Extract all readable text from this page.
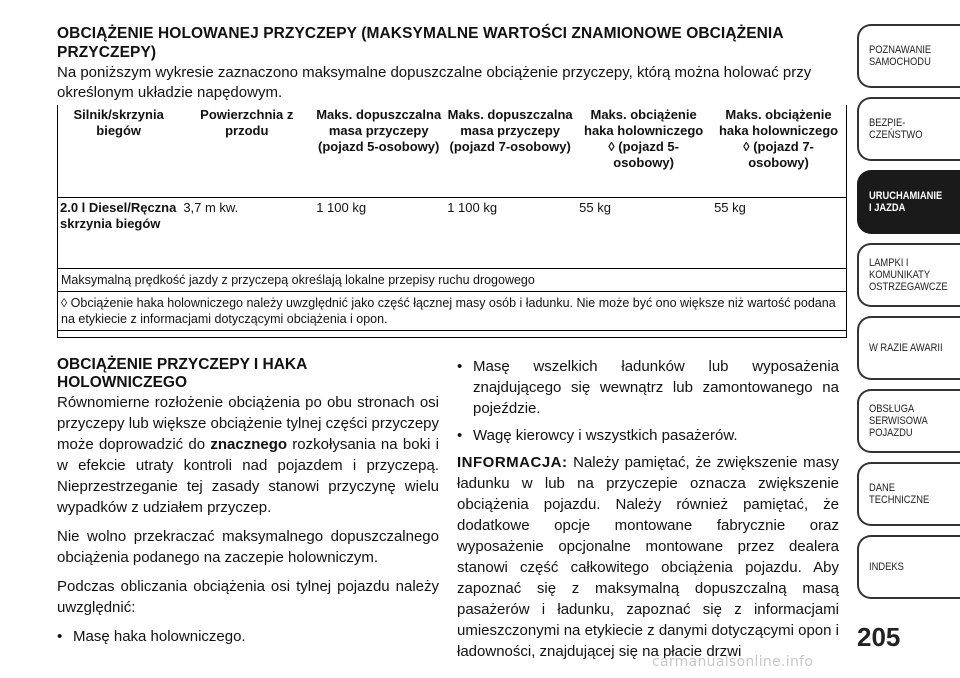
OBCIĄŻENIE HOLOWANEJ PRZYCZEPY (MAKSYMALNE WARTOŚCI ZNAMIONOWE OBCIĄŻENIA PRZYCZEPY)
Na poniższym wykresie zaznaczono maksymalne dopuszczalne obciążenie przyczepy, którą można holować przy określonym układzie napędowym.
Silnik/skrzynia biegów	Powierzchnia z przodu	Maks. dopuszczalna masa przyczepy (pojazd 5-osobowy)	Maks. dopuszczalna masa przyczepy (pojazd 7-osobowy)	Maks. obciążenie haka holowniczego ◊ (pojazd 5-osobowy)	Maks. obciążenie haka holowniczego ◊ (pojazd 7-osobowy)
2.0 l Diesel/Ręczna skrzynia biegów	3,7 m kw.	1 100 kg	1 100 kg	55 kg	55 kg
Maksymalną prędkość jazdy z przyczepą określają lokalne przepisy ruchu drogowego					
◊ Obciążenie haka holowniczego należy uwzględnić jako część łącznej masy osób i ładunku. Nie może być ono większe niż wartość podana na etykiecie z informacjami dotyczącymi obciążenia i opon.					
OBCIĄŻENIE PRZYCZEPY I HAKA HOLOWNICZEGO

Równomierne rozłożenie obciążenia po obu stronach osi przyczepy lub większe obciążenie tylnej części przyczepy może doprowadzić do znacznego rozkołysania na boki i w efekcie utraty kontroli nad pojazdem i przyczepą. Nieprzestrzeganie tej zasady stanowi przyczynę wielu wypadków z udziałem przyczep.

Nie wolno przekraczać maksymalnego dopuszczalnego obciążenia podanego na zaczepie holowniczym.

Podczas obliczania obciążenia osi tylnej pojazdu należy uwzględnić:

• Masę haka holowniczego.
• Masę wszelkich ładunków lub wyposażenia znajdującego się wewnątrz lub zamontowanego na pojeździe.
• Wagę kierowcy i wszystkich pasażerów.

INFORMACJA: Należy pamiętać, że zwiększenie masy ładunku w lub na przyczepie oznacza zwiększenie obciążenia pojazdu. Należy również pamiętać, że dodatkowe opcje montowane fabrycznie oraz wyposażenie opcjonalne montowane przez dealera stanowi część całkowitego obciążenia pojazdu. Aby zapoznać się z maksymalną dopuszczalną masą pasażerów i ładunku, zapoznać się z informacjami umieszczonymi na etykiecie z danymi dotyczącymi opon i ładowności, znajdującej się na płacie drzwi

POZNAWANIE SAMOCHODU
BEZPIE- CZEŃSTWO
URUCHAMIANIE I JAZDA
LAMPKI I KOMUNIKATY OSTRZEGAWCZE
W RAZIE AWARII
OBSŁUGA SERWISOWA POJAZDU
DANE TECHNICZNE
INDEKS
205
carmanualsonline.info
